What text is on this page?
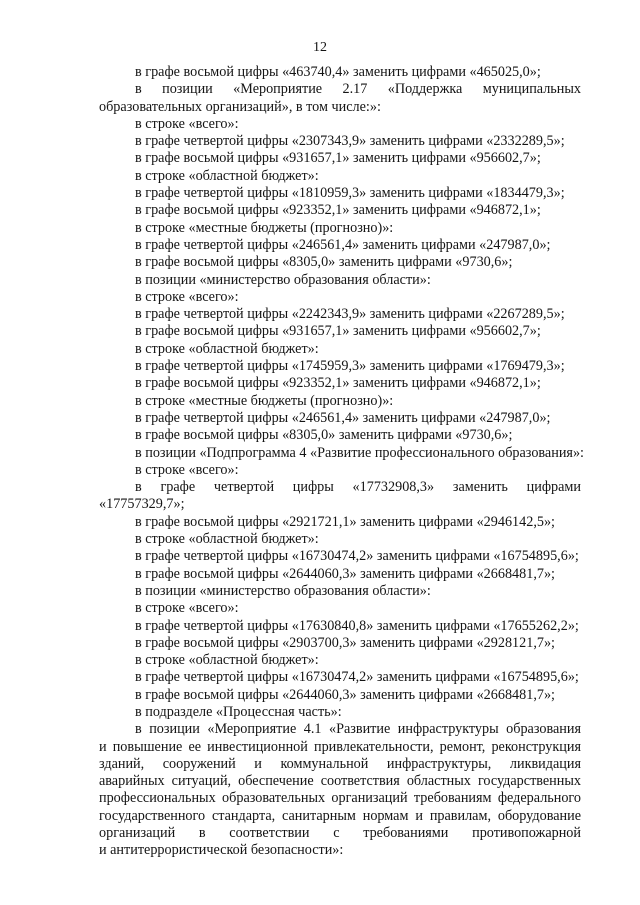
12
в графе восьмой цифры «463740,4» заменить цифрами «465025,0»;
в позиции «Мероприятие 2.17 «Поддержка муниципальных
образовательных организаций», в том числе:»:
в строке «всего»:
в графе четвертой цифры «2307343,9» заменить цифрами «2332289,5»;
в графе восьмой цифры «931657,1» заменить цифрами «956602,7»;
в строке «областной бюджет»:
в графе четвертой цифры «1810959,3» заменить цифрами «1834479,3»;
в графе восьмой цифры «923352,1» заменить цифрами «946872,1»;
в строке «местные бюджеты (прогнозно)»:
в графе четвертой цифры «246561,4» заменить цифрами «247987,0»;
в графе восьмой цифры «8305,0» заменить цифрами «9730,6»;
в позиции «министерство образования области»:
в строке «всего»:
в графе четвертой цифры «2242343,9» заменить цифрами «2267289,5»;
в графе восьмой цифры «931657,1» заменить цифрами «956602,7»;
в строке «областной бюджет»:
в графе четвертой цифры «1745959,3» заменить цифрами «1769479,3»;
в графе восьмой цифры «923352,1» заменить цифрами «946872,1»;
в строке «местные бюджеты (прогнозно)»:
в графе четвертой цифры «246561,4» заменить цифрами «247987,0»;
в графе восьмой цифры «8305,0» заменить цифрами «9730,6»;
в позиции «Подпрограмма 4 «Развитие профессионального образования»:
в строке «всего»:
в графе четвертой цифры «17732908,3» заменить цифрами
«17757329,7»;
в графе восьмой цифры «2921721,1» заменить цифрами «2946142,5»;
в строке «областной бюджет»:
в графе четвертой цифры «16730474,2» заменить цифрами «16754895,6»;
в графе восьмой цифры «2644060,3» заменить цифрами «2668481,7»;
в позиции «министерство образования области»:
в строке «всего»:
в графе четвертой цифры «17630840,8» заменить цифрами «17655262,2»;
в графе восьмой цифры «2903700,3» заменить цифрами «2928121,7»;
в строке «областной бюджет»:
в графе четвертой цифры «16730474,2» заменить цифрами «16754895,6»;
в графе восьмой цифры «2644060,3» заменить цифрами «2668481,7»;
в подразделе «Процессная часть»:
в позиции «Мероприятие 4.1 «Развитие инфраструктуры образования
и повышение ее инвестиционной привлекательности, ремонт, реконструкция
зданий, сооружений и коммунальной инфраструктуры, ликвидация
аварийных ситуаций, обеспечение соответствия областных государственных
профессиональных образовательных организаций требованиям федерального
государственного стандарта, санитарным нормам и правилам, оборудование
организаций в соответствии с требованиями противопожарной
и антитеррористической безопасности»:
